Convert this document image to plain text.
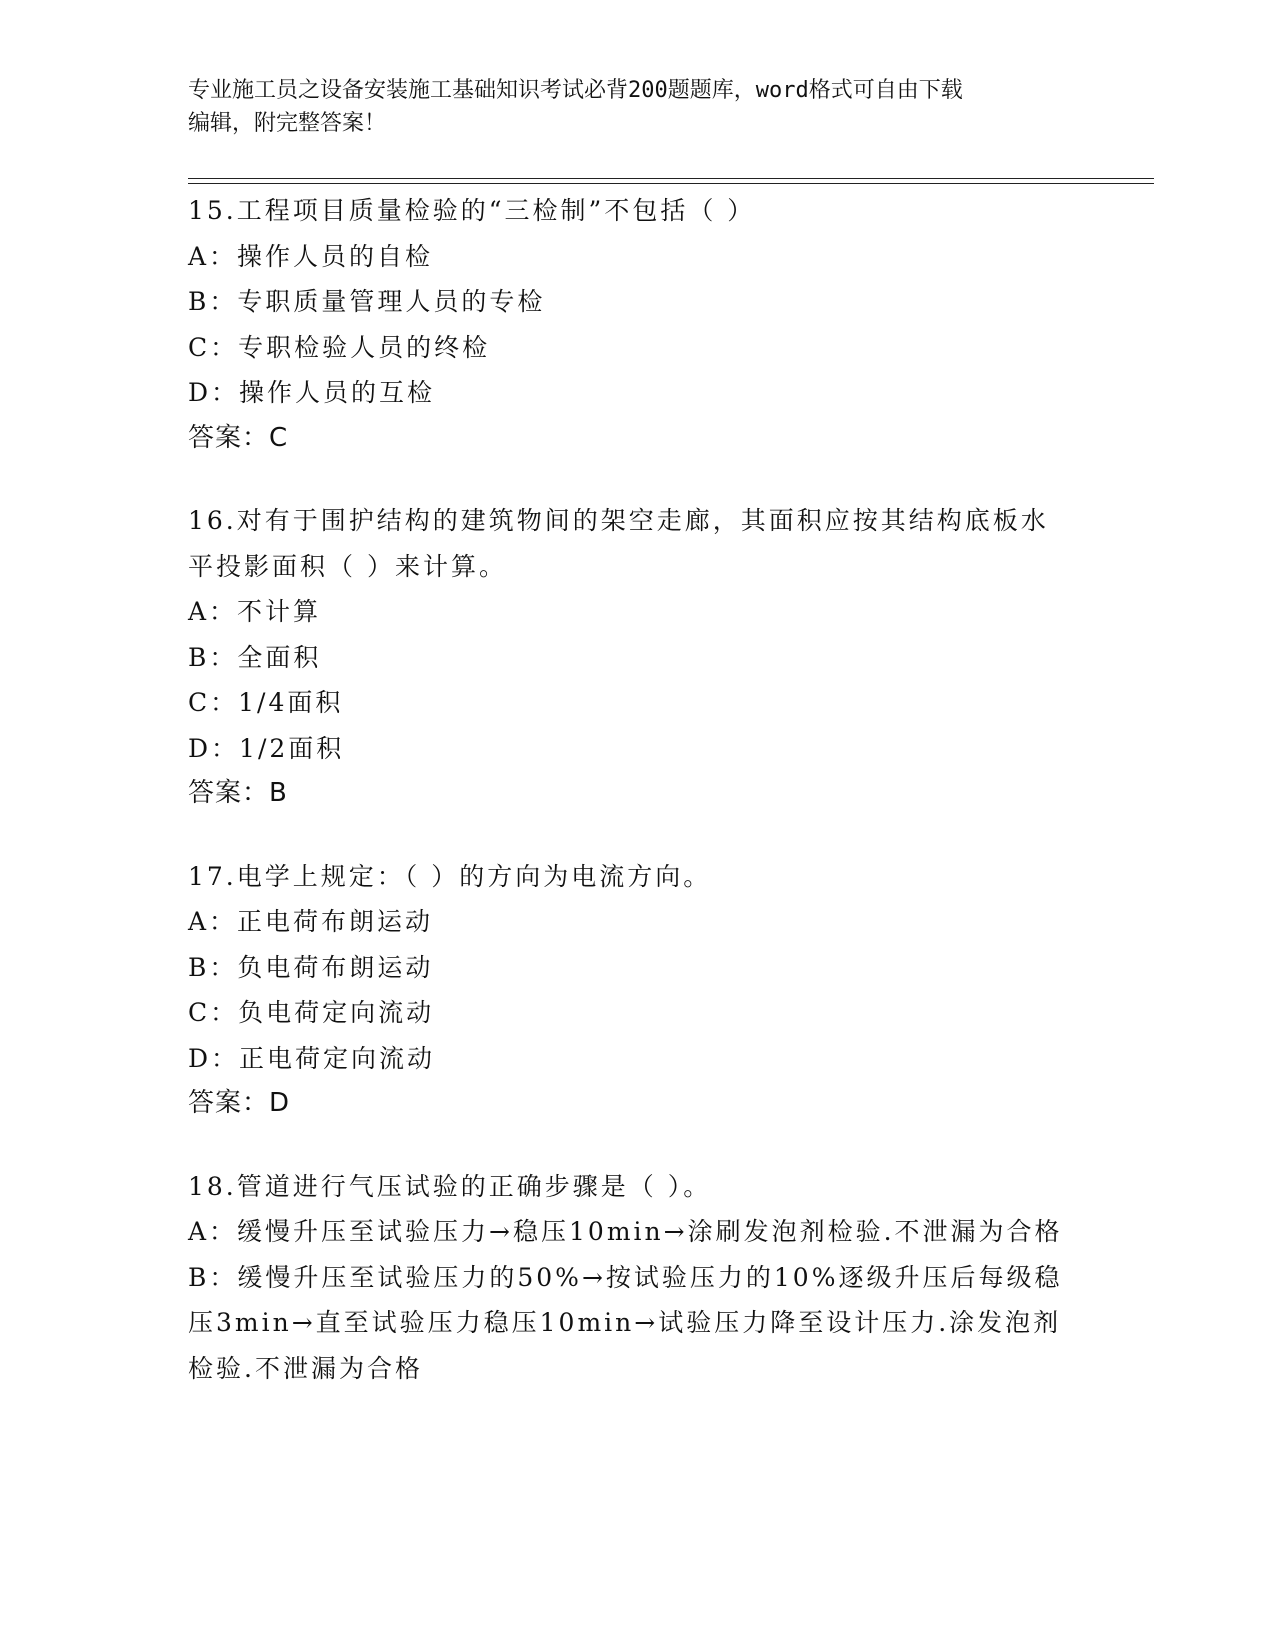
专业施工员之设备安装施工基础知识考试必背200题题库，word格式可自由下载
编辑，附完整答案！
15.工程项目质量检验的“三检制”不包括（ ）
A：操作人员的自检
B：专职质量管理人员的专检
C：专职检验人员的终检
D：操作人员的互检
答案：C
16.对有于围护结构的建筑物间的架空走廊，其面积应按其结构底板水
平投影面积（ ）来计算。
A：不计算
B：全面积
C：1/4面积
D：1/2面积
答案：B
17.电学上规定：（ ）的方向为电流方向。
A：正电荷布朗运动
B：负电荷布朗运动
C：负电荷定向流动
D：正电荷定向流动
答案：D
18.管道进行气压试验的正确步骤是（ ）。
A：缓慢升压至试验压力→稳压10min→涂刷发泡剂检验.不泄漏为合格
B：缓慢升压至试验压力的50%→按试验压力的10%逐级升压后每级稳
压3min→直至试验压力稳压10min→试验压力降至设计压力.涂发泡剂
检验.不泄漏为合格
